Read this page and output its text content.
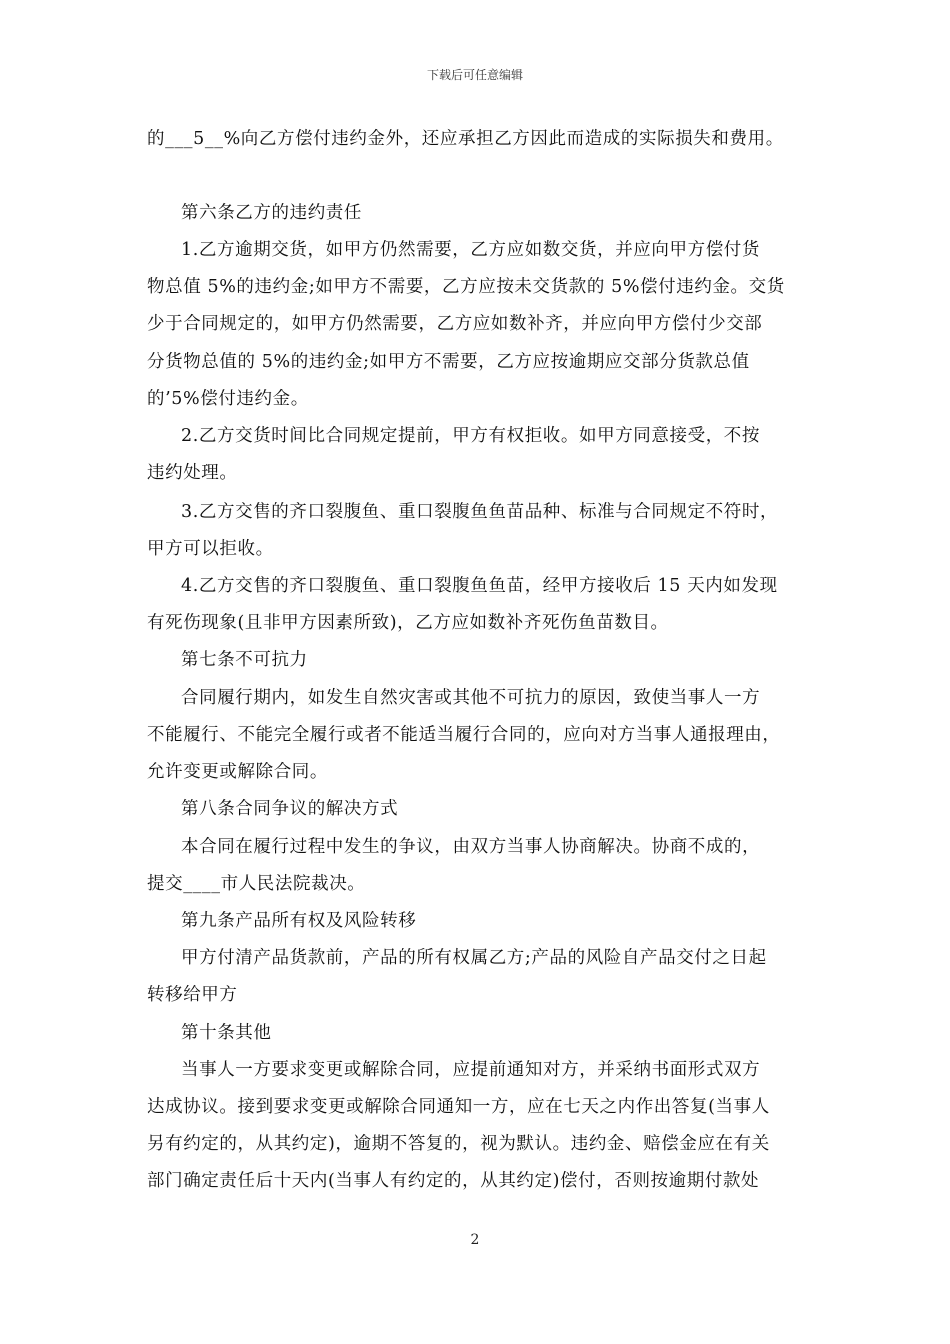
下载后可任意编辑
的___5__%向乙方偿付违约金外，还应承担乙方因此而造成的实际损失和费用。
第六条乙方的违约责任
1.乙方逾期交货，如甲方仍然需要，乙方应如数交货，并应向甲方偿付货
物总值 5%的违约金;如甲方不需要，乙方应按未交货款的 5%偿付违约金。交货
少于合同规定的，如甲方仍然需要，乙方应如数补齐，并应向甲方偿付少交部
分货物总值的 5%的违约金;如甲方不需要，乙方应按逾期应交部分货款总值
的’5%偿付违约金。
2.乙方交货时间比合同规定提前，甲方有权拒收。如甲方同意接受，不按
违约处理。
3.乙方交售的齐口裂腹鱼、重口裂腹鱼鱼苗品种、标准与合同规定不符时，
甲方可以拒收。
4.乙方交售的齐口裂腹鱼、重口裂腹鱼鱼苗，经甲方接收后 15 天内如发现
有死伤现象(且非甲方因素所致)，乙方应如数补齐死伤鱼苗数目。
第七条不可抗力
合同履行期内，如发生自然灾害或其他不可抗力的原因，致使当事人一方
不能履行、不能完全履行或者不能适当履行合同的，应向对方当事人通报理由，
允许变更或解除合同。
第八条合同争议的解决方式
本合同在履行过程中发生的争议，由双方当事人协商解决。协商不成的，
提交____市人民法院裁决。
第九条产品所有权及风险转移
甲方付清产品货款前，产品的所有权属乙方;产品的风险自产品交付之日起
转移给甲方
第十条其他
当事人一方要求变更或解除合同，应提前通知对方，并采纳书面形式双方
达成协议。接到要求变更或解除合同通知一方，应在七天之内作出答复(当事人
另有约定的，从其约定)，逾期不答复的，视为默认。违约金、赔偿金应在有关
部门确定责任后十天内(当事人有约定的，从其约定)偿付，否则按逾期付款处
2
